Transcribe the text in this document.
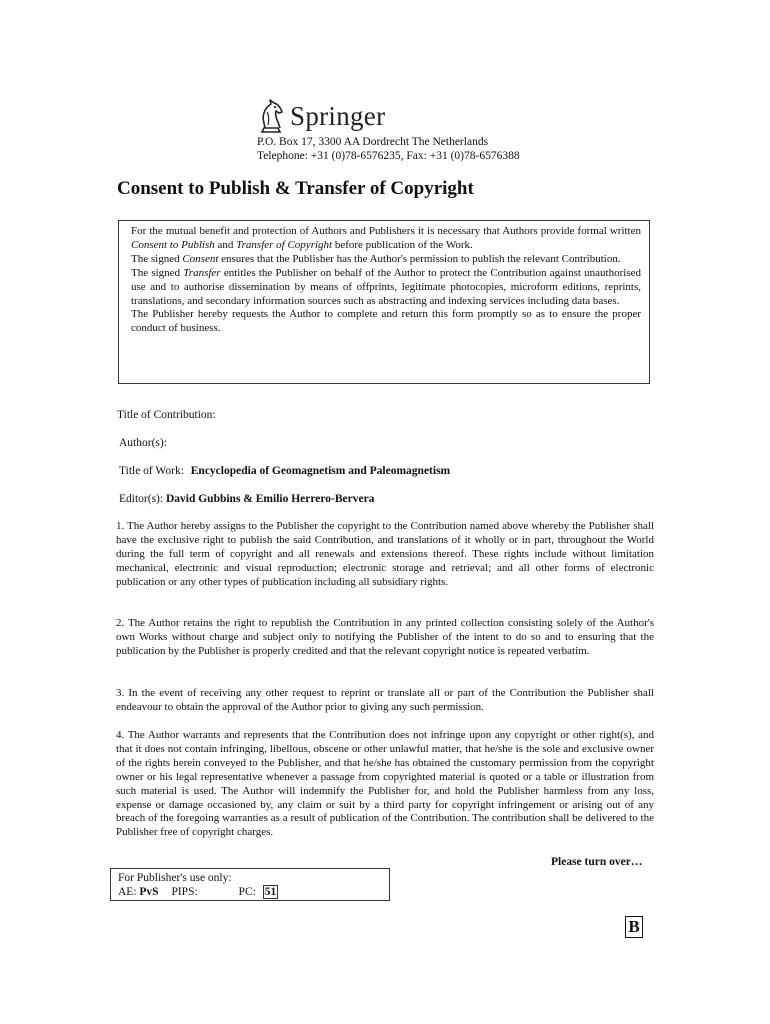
Springer
P.O. Box 17, 3300 AA Dordrecht The Netherlands
Telephone: +31 (0)78-6576235, Fax: +31 (0)78-6576388
Consent to Publish & Transfer of Copyright

For the mutual benefit and protection of Authors and Publishers it is necessary that Authors provide formal written Consent to Publish and Transfer of Copyright before publication of the Work.

The signed Consent ensures that the Publisher has the Author's permission to publish the relevant Contribution.

The signed Transfer entitles the Publisher on behalf of the Author to protect the Contribution against unauthorised use and to authorise dissemination by means of offprints, legitimate photocopies, microform editions, reprints, translations, and secondary information sources such as abstracting and indexing services including data bases.

The Publisher hereby requests the Author to complete and return this form promptly so as to ensure the proper conduct of business.

Title of Contribution:
Author(s):
Title of Work: Encyclopedia of Geomagnetism and Paleomagnetism
Editor(s): David Gubbins & Emilio Herrero-Bervera

1. The Author hereby assigns to the Publisher the copyright to the Contribution named above whereby the Publisher shall have the exclusive right to publish the said Contribution, and translations of it wholly or in part, throughout the World during the full term of copyright and all renewals and extensions thereof. These rights include without limitation mechanical, electronic and visual reproduction; electronic storage and retrieval; and all other forms of electronic publication or any other types of publication including all subsidiary rights.

2. The Author retains the right to republish the Contribution in any printed collection consisting solely of the Author's own Works without charge and subject only to notifying the Publisher of the intent to do so and to ensuring that the publication by the Publisher is properly credited and that the relevant copyright notice is repeated verbatim.

3. In the event of receiving any other request to reprint or translate all or part of the Contribution the Publisher shall endeavour to obtain the approval of the Author prior to giving any such permission.

4. The Author warrants and represents that the Contribution does not infringe upon any copyright or other right(s), and that it does not contain infringing, libellous, obscene or other unlawful matter, that he/she is the sole and exclusive owner of the rights herein conveyed to the Publisher, and that he/she has obtained the customary permission from the copyright owner or his legal representative whenever a passage from copyrighted material is quoted or a table or illustration from such material is used. The Author will indemnify the Publisher for, and hold the Publisher harmless from any loss, expense or damage occasioned by, any claim or suit by a third party for copyright infringement or arising out of any breach of the foregoing warranties as a result of publication of the Contribution. The contribution shall be delivered to the Publisher free of copyright charges.

Please turn over…
For Publisher's use only:
AE: PvS PIPS:	PC: 51
B
